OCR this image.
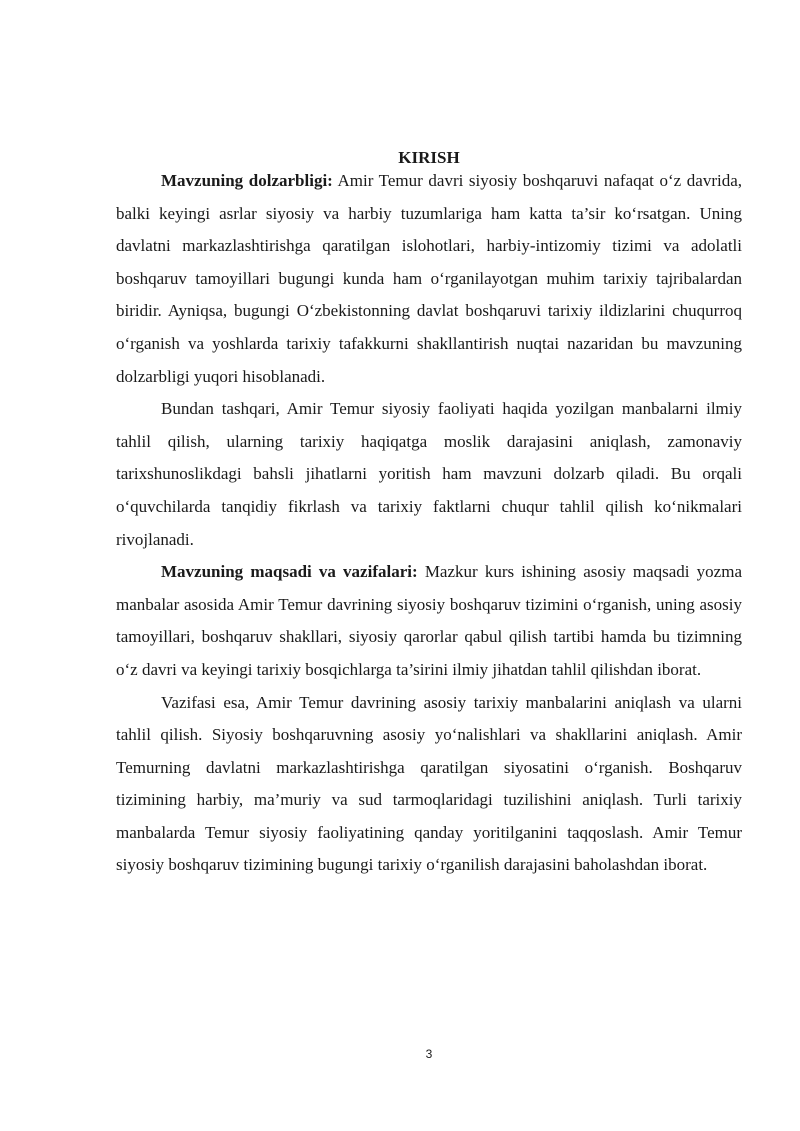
KIRISH

Mavzuning dolzarbligi: Amir Temur davri siyosiy boshqaruvi nafaqat o‘z davrida, balki keyingi asrlar siyosiy va harbiy tuzumlariga ham katta ta’sir ko‘rsatgan. Uning davlatni markazlashtirishga qaratilgan islohotlari, harbiy-intizomiy tizimi va adolatli boshqaruv tamoyillari bugungi kunda ham o‘rganilayotgan muhim tarixiy tajribalardan biridir. Ayniqsa, bugungi O‘zbekistonning davlat boshqaruvi tarixiy ildizlarini chuqurroq o‘rganish va yoshlarda tarixiy tafakkurni shakllantirish nuqtai nazaridan bu mavzuning dolzarbligi yuqori hisoblanadi.

Bundan tashqari, Amir Temur siyosiy faoliyati haqida yozilgan manbalarni ilmiy tahlil qilish, ularning tarixiy haqiqatga moslik darajasini aniqlash, zamonaviy tarixshunoslikdagi bahsli jihatlarni yoritish ham mavzuni dolzarb qiladi. Bu orqali o‘quvchilarda tanqidiy fikrlash va tarixiy faktlarni chuqur tahlil qilish ko‘nikmalari rivojlanadi.

Mavzuning maqsadi va vazifalari: Mazkur kurs ishining asosiy maqsadi yozma manbalar asosida Amir Temur davrining siyosiy boshqaruv tizimini o‘rganish, uning asosiy tamoyillari, boshqaruv shakllari, siyosiy qarorlar qabul qilish tartibi hamda bu tizimning o‘z davri va keyingi tarixiy bosqichlarga ta’sirini ilmiy jihatdan tahlil qilishdan iborat.

Vazifasi esa, Amir Temur davrining asosiy tarixiy manbalarini aniqlash va ularni tahlil qilish. Siyosiy boshqaruvning asosiy yo‘nalishlari va shakllarini aniqlash. Amir Temurning davlatni markazlashtirishga qaratilgan siyosatini o‘rganish. Boshqaruv tizimining harbiy, ma’muriy va sud tarmoqlaridagi tuzilishini aniqlash. Turli tarixiy manbalarda Temur siyosiy faoliyatining qanday yoritilganini taqqoslash. Amir Temur siyosiy boshqaruv tizimining bugungi tarixiy o‘rganilish darajasini baholashdan iborat.

3
